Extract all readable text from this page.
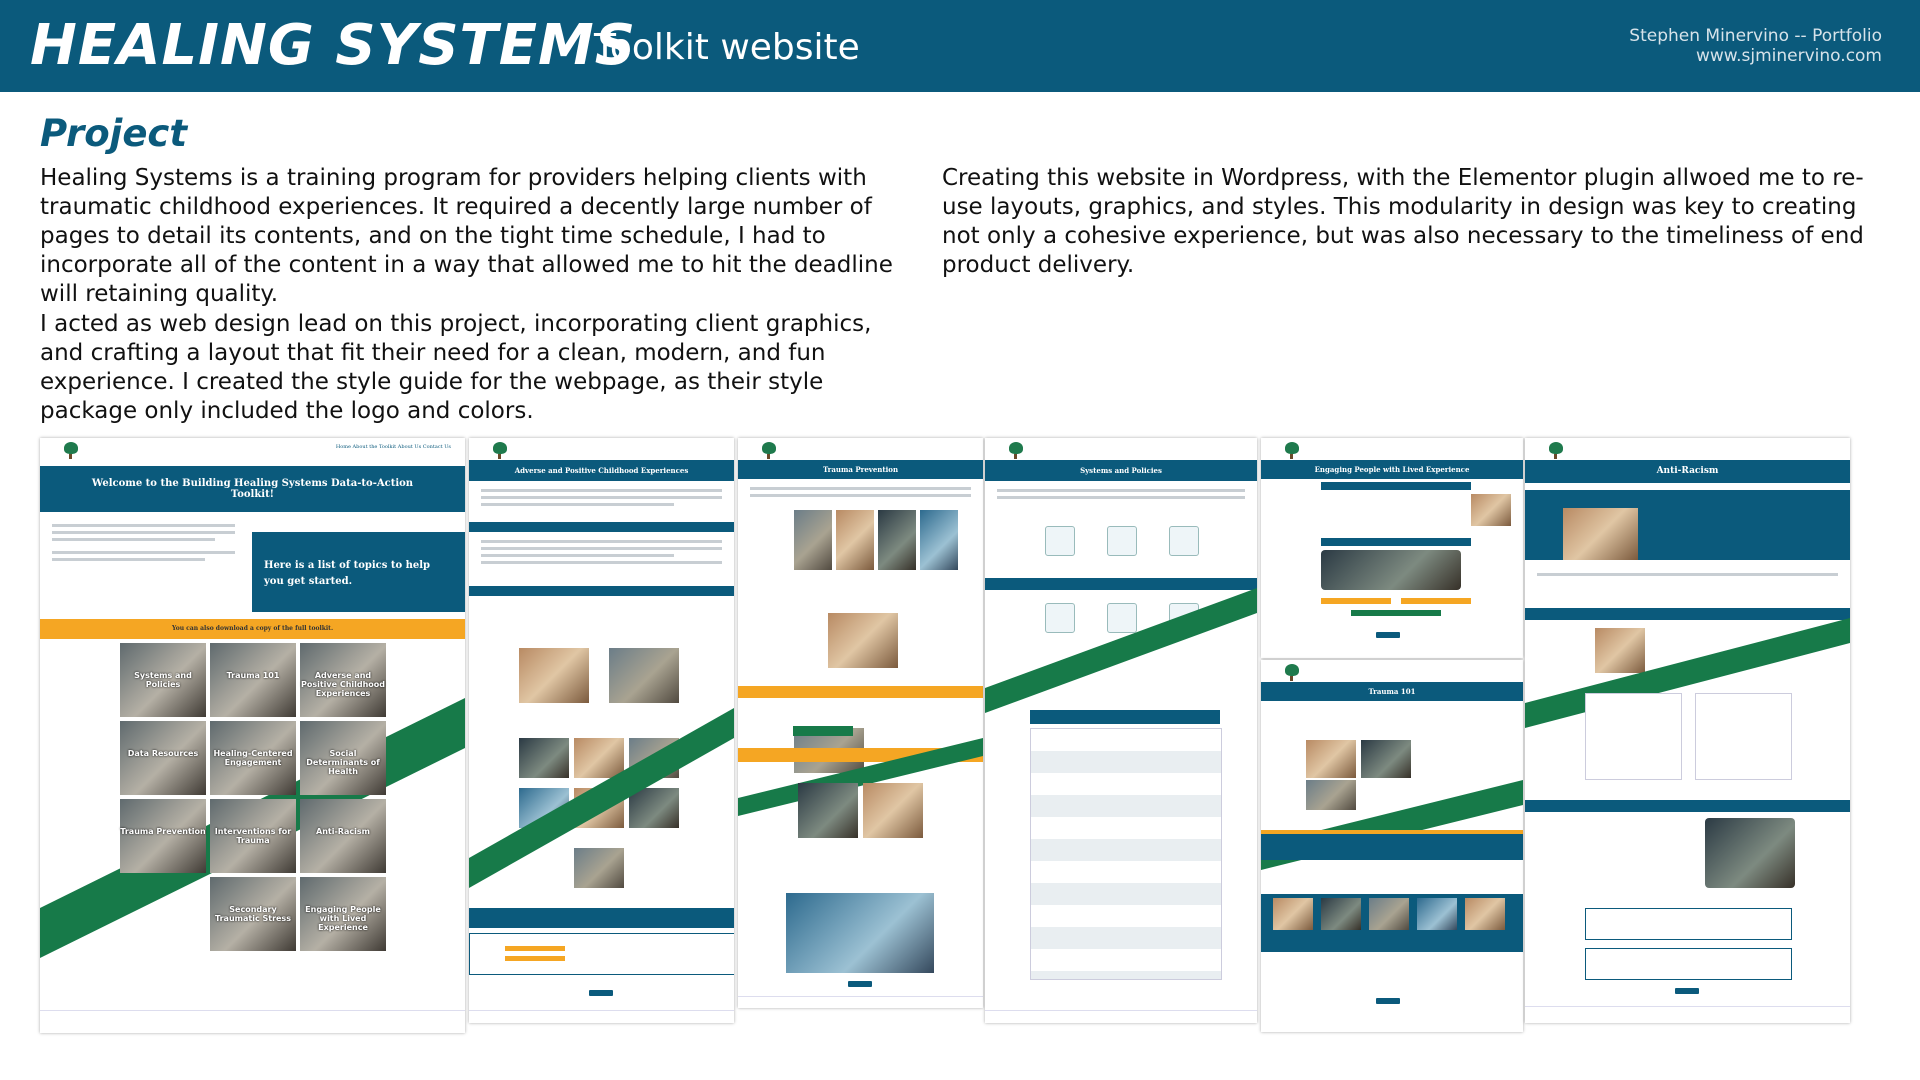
HEALING SYSTEMS
Toolkit website	Stephen Minervino -- Portfolio
www.sjminervino.com
Project

Healing Systems is a training program for providers helping clients with traumatic childhood experiences. It required a decently large number of pages to detail its contents, and on the tight time schedule, I had to incorporate all of the content in a way that allowed me to hit the deadline will retaining quality.

I acted as web design lead on this project, incorporating client graphics, and crafting a layout that fit their need for a clean, modern, and fun experience. I created the style guide for the webpage, as their style package only included the logo and colors.

Creating this website in Wordpress, with the Elementor plugin allwoed me to re-use layouts, graphics, and styles. This modularity in design was key to creating not only a cohesive experience, but was also necessary to the timeliness of end product delivery.

Home About the Toolkit About Us Contact Us
Welcome to the Building Healing Systems Data-to-Action Toolkit!
Here is a list of topics to help you get started.
You can also download a copy of the full toolkit.
Systems and Policies
Trauma 101	Adverse and Positive Childhood Experiences
Data Resources	Healing-Centered Engagement
Social Determinants of Health
Trauma Prevention	Interventions for Trauma
Anti-Racism
Secondary Traumatic Stress
Engaging People with Lived Experience
Adverse and Positive Childhood Experiences	Trauma Prevention	Systems and Policies	Engaging People with Lived Experience
Trauma 101
Anti-Racism
